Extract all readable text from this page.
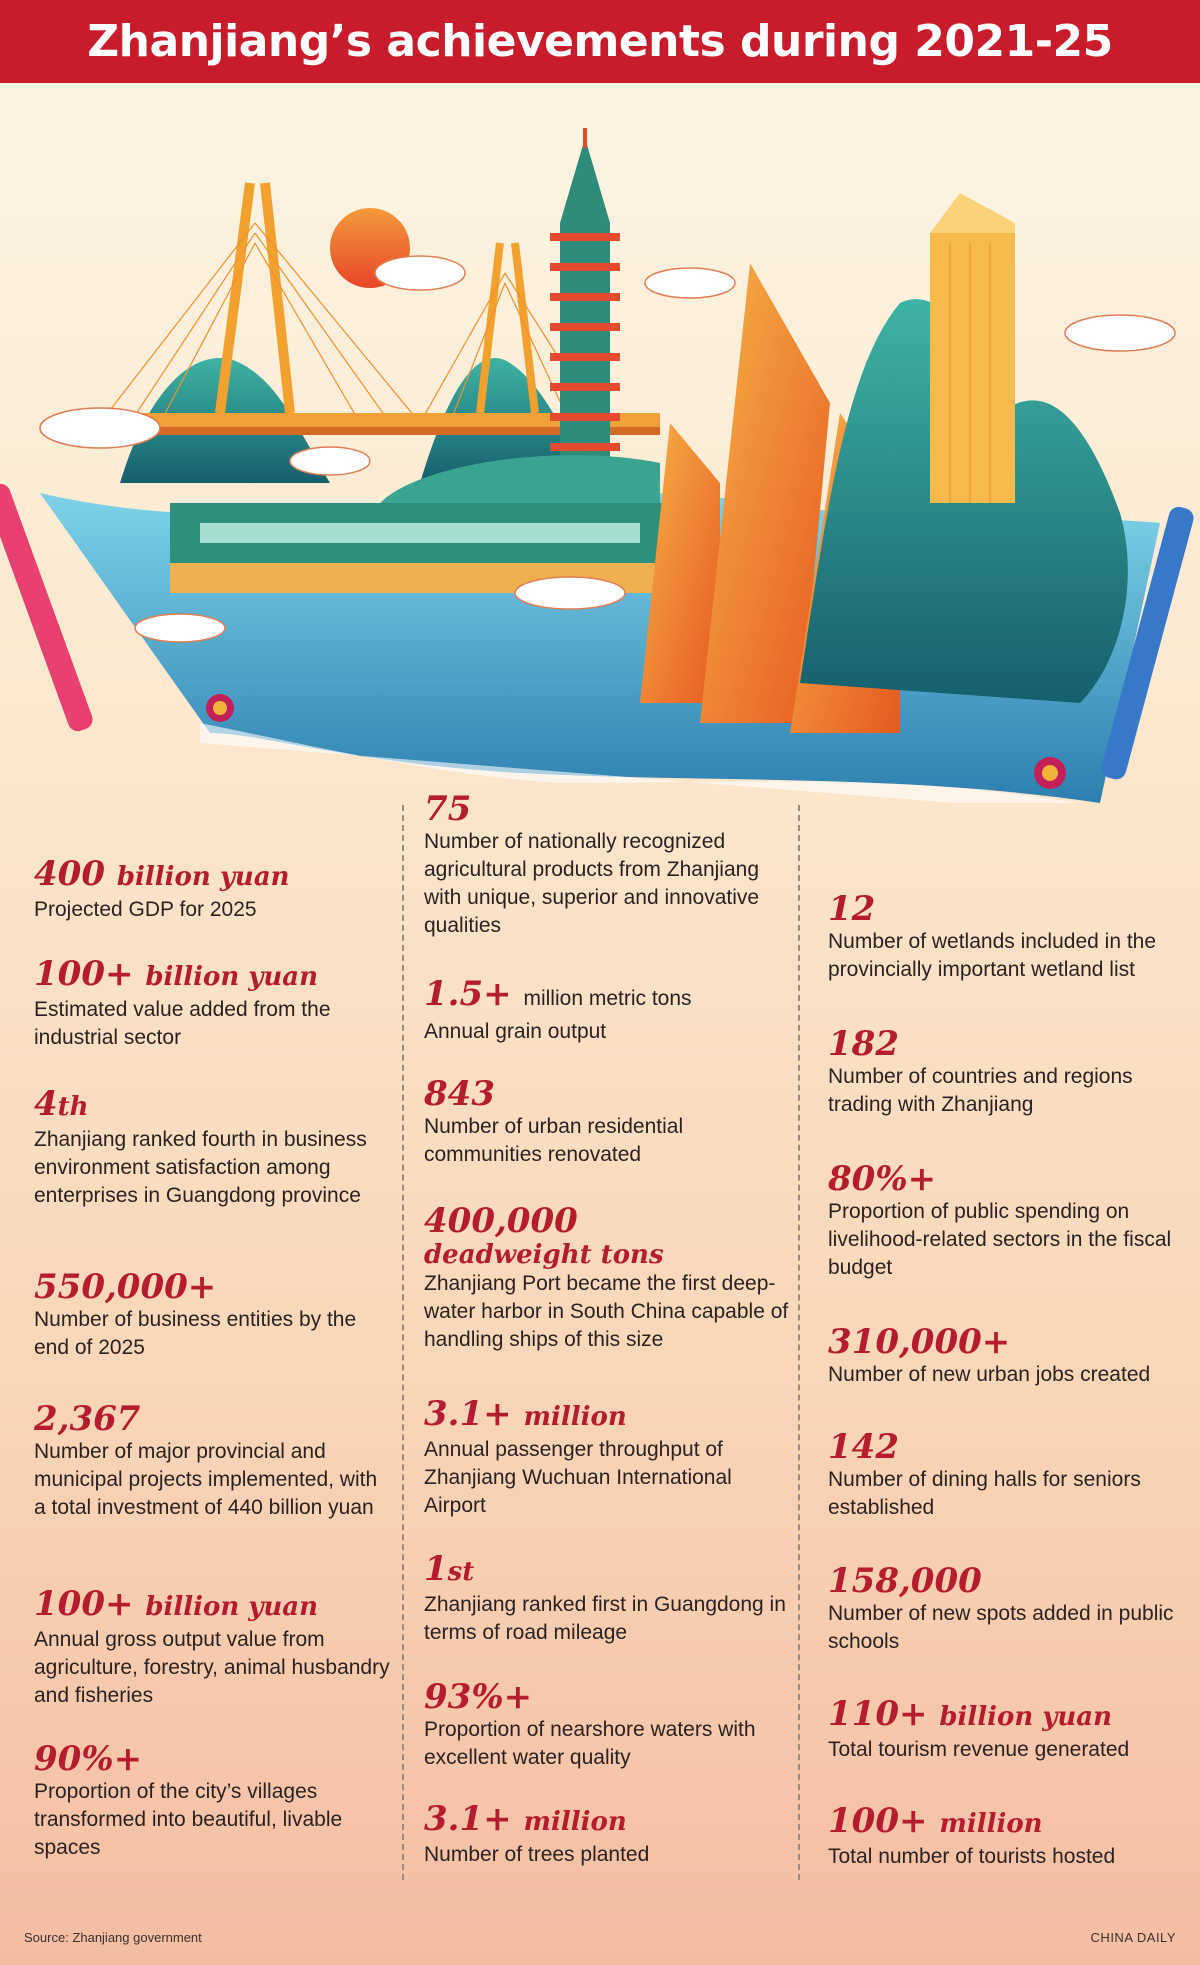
Zhanjiang’s achievements during 2021-25
400 billion yuan
Projected GDP for 2025
100+ billion yuan
Estimated value added from the industrial sector
4th
Zhanjiang ranked fourth in business environment satisfaction among enterprises in Guangdong province
550,000+
Number of business entities by the end of 2025
2,367
Number of major provincial and municipal projects implemented, with a total investment of 440 billion yuan
100+ billion yuan
Annual gross output value from agriculture, forestry, animal husbandry and fisheries
90%+
Proportion of the city’s villages transformed into beautiful, livable spaces
75
Number of nationally recognized agricultural products from Zhanjiang with unique, superior and innovative qualities
1.5+ million metric tons
Annual grain output
843
Number of urban residential communities renovated
400,000
deadweight tons
Zhanjiang Port became the first deep-water harbor in South China capable of handling ships of this size
3.1+ million
Annual passenger throughput of Zhanjiang Wuchuan International Airport
1st
Zhanjiang ranked first in Guangdong in terms of road mileage
93%+
Proportion of nearshore waters with excellent water quality
3.1+ million
Number of trees planted
12
Number of wetlands included in the provincially important wetland list
182
Number of countries and regions trading with Zhanjiang
80%+
Proportion of public spending on livelihood-related sectors in the fiscal budget
310,000+
Number of new urban jobs created
142
Number of dining halls for seniors established
158,000
Number of new spots added in public schools
110+ billion yuan
Total tourism revenue generated
100+ million
Total number of tourists hosted
Source: Zhanjiang government	CHINA DAILY
